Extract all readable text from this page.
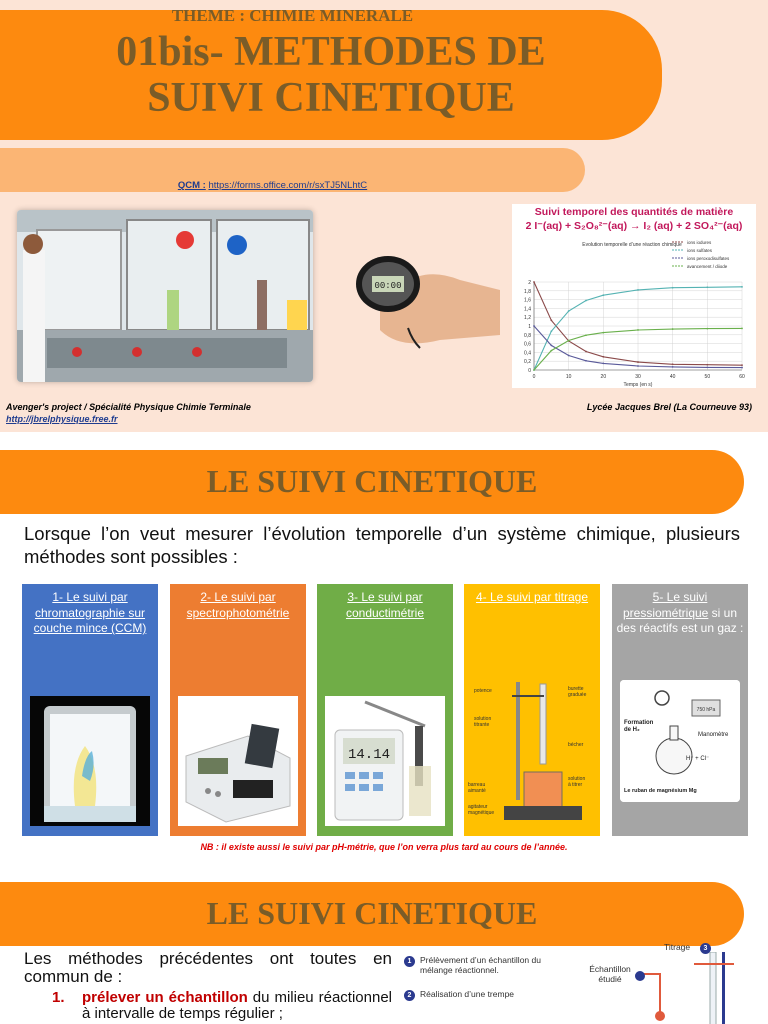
01bis- METHODES DE SUIVI CINETIQUE
THEME : CHIMIE MINERALE
QCM : https://forms.office.com/r/sxTJ5NLhtC
00:00
Suivi temporel des quantités de matière
2 I⁻(aq) + S₂O₈²⁻(aq) → I₂ (aq) + 2 SO₄²⁻(aq)
Evolution temporelle d’une réaction chimique ions iodures
ions sulfates
ions peroxodisulfates
avancement / diiode
0
0,2
0,4
0,6
0,8
1
1,2
1,4
1,6
1,8
2
0	10	20	30	40	50	60
Temps (en s)
Avenger's project / Spécialité Physique Chimie Terminale
http://jbrelphysique.free.fr
Lycée Jacques Brel (La Courneuve 93)
LE SUIVI CINETIQUE
Lorsque l’on veut mesurer l’évolution temporelle d’un système chimique, plusieurs méthodes sont possibles :
1- Le suivi par chromatographie sur couche mince (CCM)
2- Le suivi par spectrophotométrie
3- Le suivi par conductimétrie
14.14
4- Le suivi par titrage
potence	burette
graduée
solution
titrante
bécher
solution
à titrer
barreau
aimanté
agitateur
magnétique
5- Le suivi pressiométrique si un des réactifs est un gaz :
750 hPa
Formation
de H₂
Manomètre
H⁺ + Cl⁻
Le ruban de magnésium Mg
NB : il existe aussi le suivi par pH-métrie, que l’on verra plus tard au cours de l’année.
LE SUIVI CINETIQUE
Les méthodes précédentes ont toutes en commun de :
1.	prélever un échantillon du milieu réactionnel à intervalle de temps régulier ;
1	Prélèvement d’un échantillon du mélange réactionnel.
2	Réalisation d’une trempe
Titrage	3
Échantillon étudié
